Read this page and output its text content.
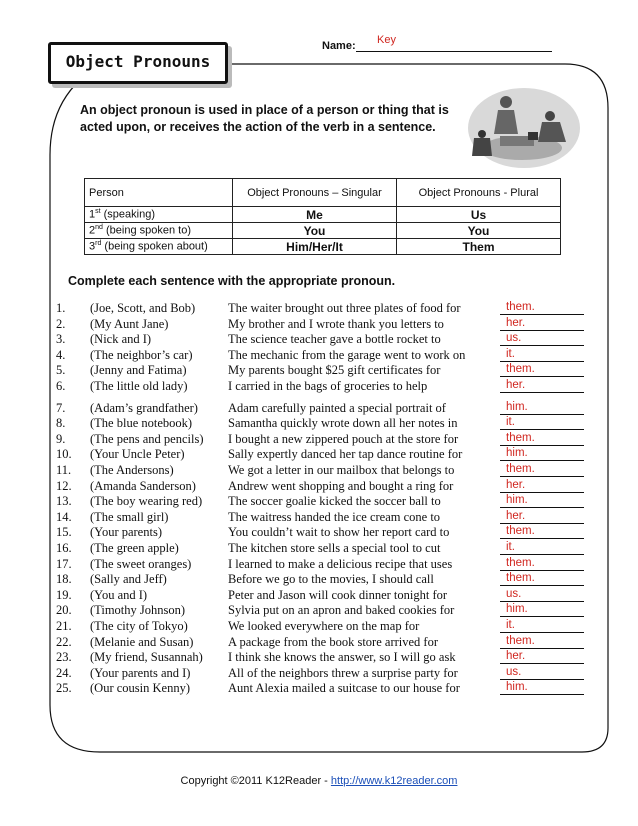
Object Pronouns
Name: Key
An object pronoun is used in place of a person or thing that is acted upon, or receives the action of the verb in a sentence.
Person	Object Pronouns – Singular	Object Pronouns - Plural
1st (speaking)	Me	Us
2nd (being spoken to)	You	You
3rd (being spoken about)	Him/Her/It	Them
Complete each sentence with the appropriate pronoun.
1. (Joe, Scott, and Bob)	The waiter brought out three plates of food for	them.
2. (My Aunt Jane)	My brother and I wrote thank you letters to	her.
3. (Nick and I)	The science teacher gave a bottle rocket to	us.
4. (The neighbor’s car)	The mechanic from the garage went to work on	it.
5. (Jenny and Fatima)	My parents bought $25 gift certificates for	them.
6. (The little old lady)	I carried in the bags of groceries to help	her.
7. (Adam’s grandfather) Adam carefully painted a special portrait of	him.
8. (The blue notebook)	Samantha quickly wrote down all her notes in	it.
9. (The pens and pencils) I bought a new zippered pouch at the store for	them.
10. (Your Uncle Peter)	Sally expertly danced her tap dance routine for	him.
11. (The Andersons)	We got a letter in our mailbox that belongs to	them.
12. (Amanda Sanderson)	Andrew went shopping and bought a ring for	her.
13. (The boy wearing red) The soccer goalie kicked the soccer ball to	him.
14. (The small girl)	The waitress handed the ice cream cone to	her.
15. (Your parents)	You couldn’t wait to show her report card to	them.
16. (The green apple)	The kitchen store sells a special tool to cut	it.
17. (The sweet oranges)	I learned to make a delicious recipe that uses	them.
18. (Sally and Jeff)	Before we go to the movies, I should call	them.
19. (You and I)	Peter and Jason will cook dinner tonight for	us.
20. (Timothy Johnson)	Sylvia put on an apron and baked cookies for	him.
21. (The city of Tokyo)	We looked everywhere on the map for	it.
22. (Melanie and Susan)	A package from the book store arrived for	them.
23. (My friend, Susannah) I think she knows the answer, so I will go ask	her.
24. (Your parents and I)	All of the neighbors threw a surprise party for	us.
25. (Our cousin Kenny)	Aunt Alexia mailed a suitcase to our house for	him.
Copyright ©2011 K12Reader - http://www.k12reader.com
